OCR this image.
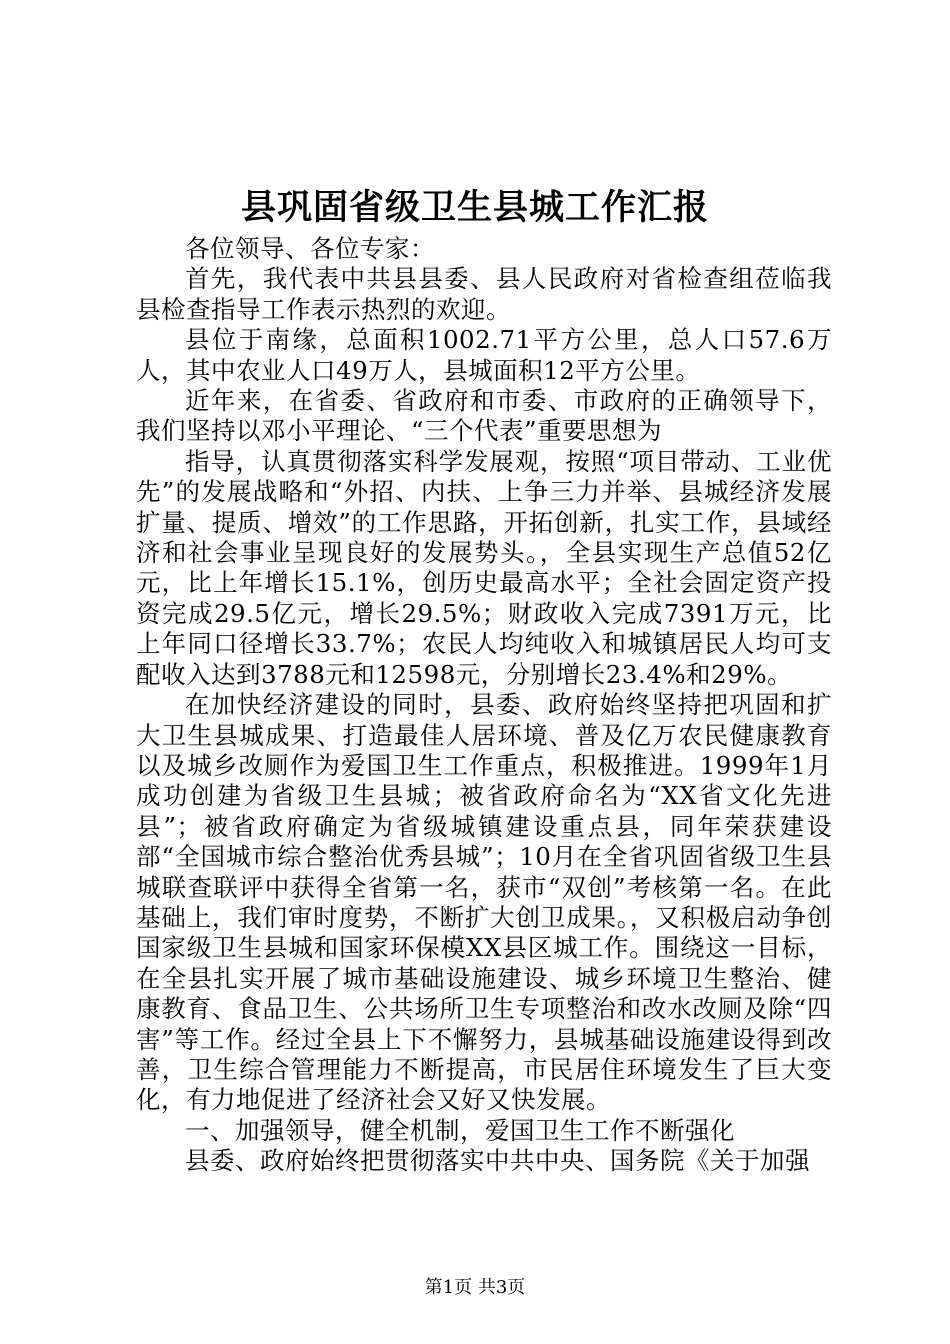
县巩固省级卫生县城工作汇报

各位领导、各位专家：

首先，我代表中共县县委、县人民政府对省检查组莅临我县检查指导工作表示热烈的欢迎。

县位于南缘，总面积1002.71平方公里，总人口57.6万人，其中农业人口49万人，县城面积12平方公里。

近年来，在省委、省政府和市委、市政府的正确领导下，我们坚持以邓小平理论、“三个代表”重要思想为

指导，认真贯彻落实科学发展观，按照“项目带动、工业优先”的发展战略和“外招、内扶、上争三力并举、县城经济发展扩量、提质、增效”的工作思路，开拓创新，扎实工作，县域经济和社会事业呈现良好的发展势头。，全县实现生产总值52亿元，比上年增长15.1%，创历史最高水平；全社会固定资产投资完成29.5亿元，增长29.5%；财政收入完成7391万元，比上年同口径增长33.7%；农民人均纯收入和城镇居民人均可支配收入达到3788元和12598元，分别增长23.4%和29%。

在加快经济建设的同时，县委、政府始终坚持把巩固和扩大卫生县城成果、打造最佳人居环境、普及亿万农民健康教育以及城乡改厕作为爱国卫生工作重点，积极推进。1999年1月成功创建为省级卫生县城；被省政府命名为“XX省文化先进县”；被省政府确定为省级城镇建设重点县，同年荣获建设部“全国城市综合整治优秀县城”；10月在全省巩固省级卫生县城联查联评中获得全省第一名，获市“双创”考核第一名。在此基础上，我们审时度势，不断扩大创卫成果。，又积极启动争创国家级卫生县城和国家环保模XX县区城工作。围绕这一目标，在全县扎实开展了城市基础设施建设、城乡环境卫生整治、健康教育、食品卫生、公共场所卫生专项整治和改水改厕及除“四害”等工作。经过全县上下不懈努力，县城基础设施建设得到改善，卫生综合管理能力不断提高，市民居住环境发生了巨大变化，有力地促进了经济社会又好又快发展。

一、加强领导，健全机制，爱国卫生工作不断强化

县委、政府始终把贯彻落实中共中央、国务院《关于加强

第1页 共3页
